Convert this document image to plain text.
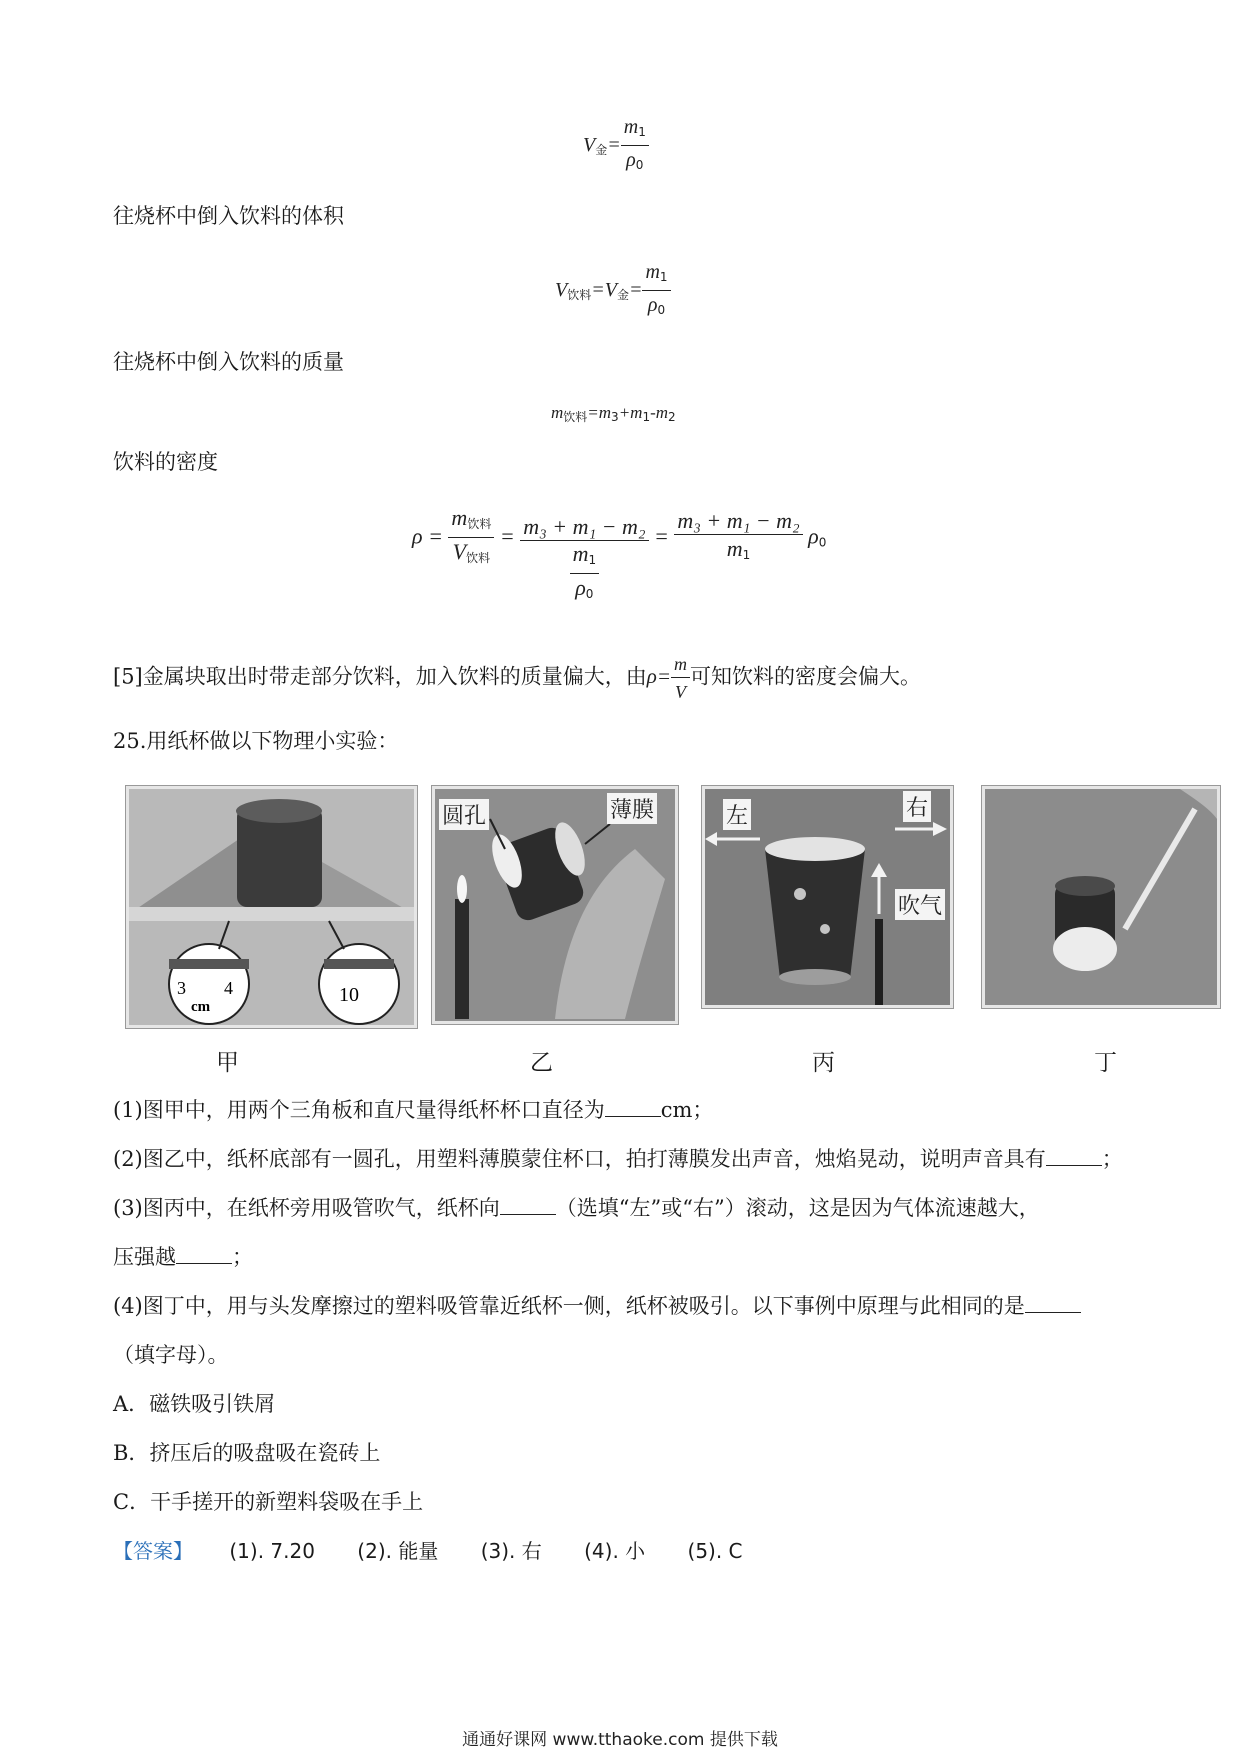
$V_金= \frac{m_1}{\rho_0}$
往烧杯中倒入饮料的体积
$V_{饮料}=V_金= \frac{m_1}{\rho_0}$
往烧杯中倒入饮料的质量
$m_{饮料}=m_3+m_1-m_2$
饮料的密度
$\rho = \frac{m_{饮料}}{V_{饮料}} = \frac{\text{m₃ + m₁ − m₂}}{\frac{m_1}{\rho_0}} = \frac{\text{m₃ + m₁ − m₂}}{m_1} \rho_0$
[5]金属块取出时带走部分饮料，加入饮料的质量偏大，由$\rho= \frac{m}{V}$ 可知饮料的密度会偏大。
25.用纸杯做以下物理小实验：
3 4
cm
10
甲
圆孔	薄膜
乙
左	右
吹气
丙	丁
(1)图甲中，用两个三角板和直尺量得纸杯杯口直径为	cm；
(2)图乙中，纸杯底部有一圆孔，用塑料薄膜蒙住杯口，拍打薄膜发出声音，烛焰晃动，说明声音具有	；
(3)图丙中，在纸杯旁用吸管吹气，纸杯向	（选填“左”或“右”）滚动，这是因为气体流速越大，
压强越	；
(4)图丁中，用与头发摩擦过的塑料吸管靠近纸杯一侧，纸杯被吸引。以下事例中原理与此相同的是
（填字母）。
A．磁铁吸引铁屑
B．挤压后的吸盘吸在瓷砖上
C．干手搓开的新塑料袋吸在手上
【答案】 (1). 7.20 (2). 能量 (3). 右 (4). 小 (5). C
通通好课网 www.tthaoke.com 提供下载
